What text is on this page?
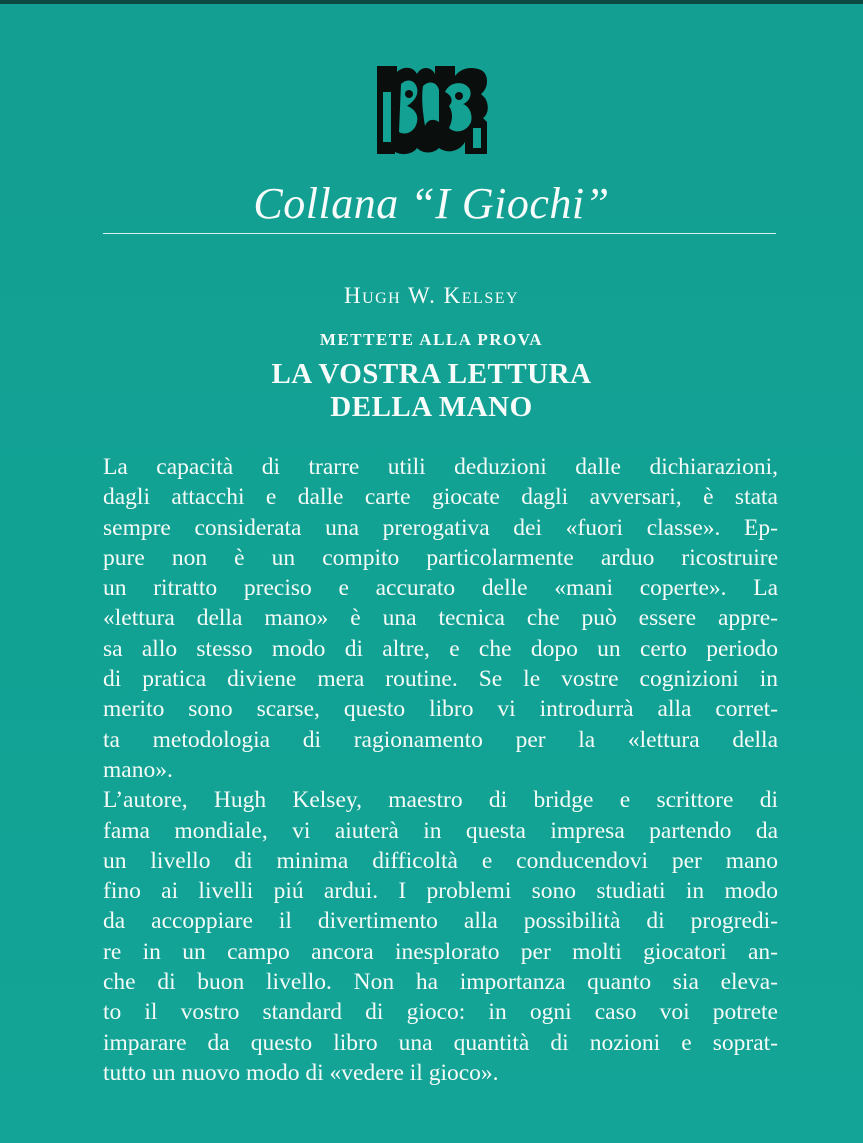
Collana “I Giochi”
Hugh W. Kelsey
METTETE ALLA PROVA
LA VOSTRA LETTURA
DELLA MANO
La capacità di trarre utili deduzioni dalle dichiarazioni,
dagli attacchi e dalle carte giocate dagli avversari, è stata
sempre considerata una prerogativa dei «fuori classe». Ep-
pure non è un compito particolarmente arduo ricostruire
un ritratto preciso e accurato delle «mani coperte». La
«lettura della mano» è una tecnica che può essere appre-
sa allo stesso modo di altre, e che dopo un certo periodo
di pratica diviene mera routine. Se le vostre cognizioni in
merito sono scarse, questo libro vi introdurrà alla corret-
ta metodologia di ragionamento per la «lettura della
mano».
L’autore, Hugh Kelsey, maestro di bridge e scrittore di
fama mondiale, vi aiuterà in questa impresa partendo da
un livello di minima difficoltà e conducendovi per mano
fino ai livelli piú ardui. I problemi sono studiati in modo
da accoppiare il divertimento alla possibilità di progredi-
re in un campo ancora inesplorato per molti giocatori an-
che di buon livello. Non ha importanza quanto sia eleva-
to il vostro standard di gioco: in ogni caso voi potrete
imparare da questo libro una quantità di nozioni e soprat-
tutto un nuovo modo di «vedere il gioco».
